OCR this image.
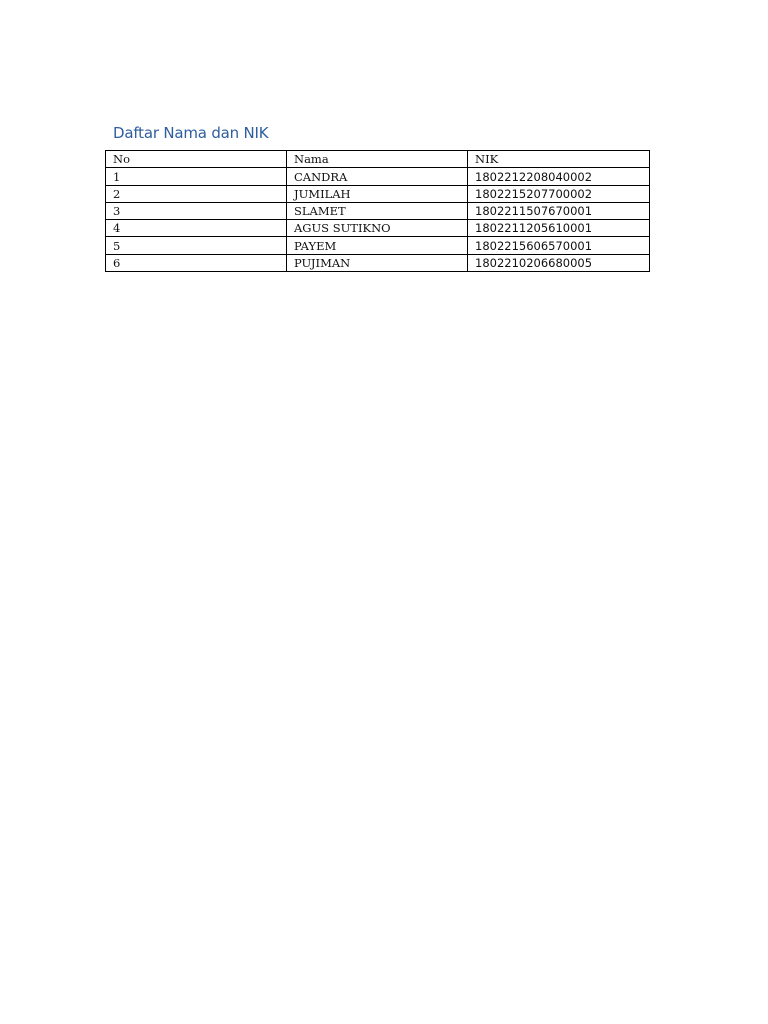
Daftar Nama dan NIK
No	Nama	NIK
1	CANDRA	1802212208040002
2	JUMILAH	1802215207700002
3	SLAMET	1802211507670001
4	AGUS SUTIKNO	1802211205610001
5	PAYEM	1802215606570001
6	PUJIMAN	1802210206680005
